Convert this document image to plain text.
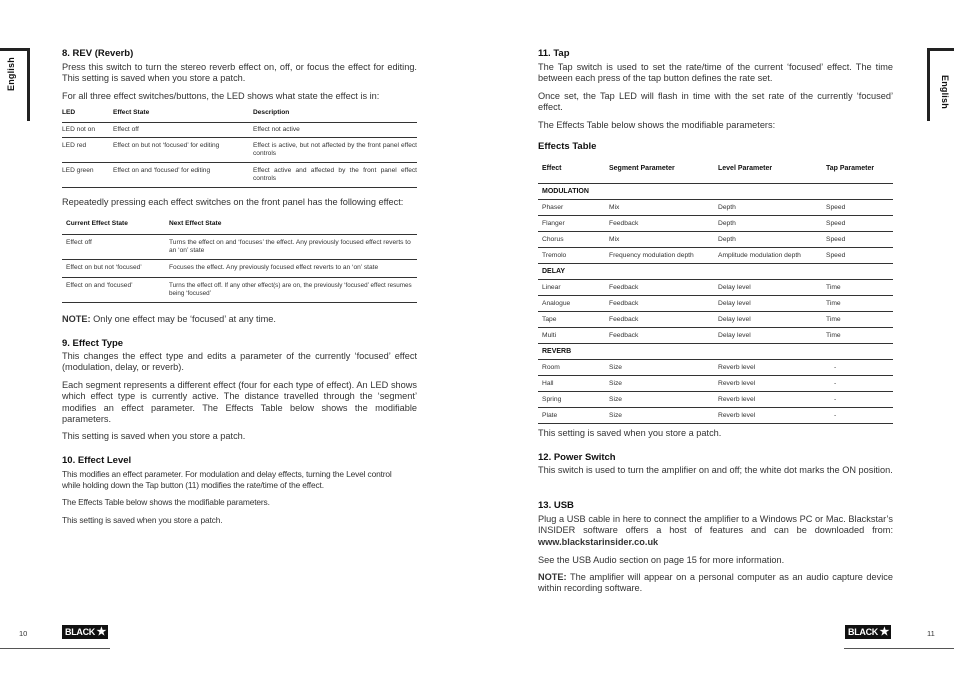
English
English
8. REV (Reverb)

Press this switch to turn the stereo reverb effect on, off, or focus the effect for editing. This setting is saved when you store a patch.

For all three effect switches/buttons, the LED shows what state the effect is in:

LED	Effect State	Description
LED not on	Effect off	Effect not active
LED red	Effect on but not ‘focused’ for editing	Effect is active, but not affected by the front panel effect controls
LED green	Effect on and ‘focused’ for editing	Effect active and affected by the front panel effect controls

Repeatedly pressing each effect switches on the front panel has the following effect:

Current Effect State	Next Effect State
Effect off	Turns the effect on and ‘focuses’ the effect. Any previously focused effect reverts to an ‘on’ state
Effect on but not ‘focused’	Focuses the effect. Any previously focused effect reverts to an ‘on’ state
Effect on and ‘focused’	Turns the effect off. If any other effect(s) are on, the previously ‘focused’ effect resumes being ‘focused’

NOTE: Only one effect may be ‘focused’ at any time.

9. Effect Type

This changes the effect type and edits a parameter of the currently ‘focused’ effect (modulation, delay, or reverb).

Each segment represents a different effect (four for each type of effect). An LED shows which effect type is currently active. The distance travelled through the ‘segment’ modifies an effect parameter. The Effects Table below shows the modifiable parameters.

This setting is saved when you store a patch.

10. Effect Level

This modifies an effect parameter. For modulation and delay effects, turning the Level control while holding down the Tap button (11) modifies the rate/time of the effect.

The Effects Table below shows the modifiable parameters.

This setting is saved when you store a patch.

10	BLACK ★
11. Tap

The Tap switch is used to set the rate/time of the current ‘focused’ effect. The time between each press of the tap button defines the rate set.

Once set, the Tap LED will flash in time with the set rate of the currently ‘focused’ effect.

The Effects Table below shows the modifiable parameters:

Effects Table
Effect	Segment Parameter	Level Parameter	Tap Parameter
MODULATION			
Phaser	Mix	Depth	Speed
Flanger	Feedback	Depth	Speed
Chorus	Mix	Depth	Speed
Tremolo	Frequency modulation depth	Amplitude modulation depth	Speed
DELAY			
Linear	Feedback	Delay level	Time
Analogue	Feedback	Delay level	Time
Tape	Feedback	Delay level	Time
Multi	Feedback	Delay level	Time
REVERB			
Room	Size	Reverb level	-
Hall	Size	Reverb level	-
Spring	Size	Reverb level	-
Plate	Size	Reverb level	-

This setting is saved when you store a patch.

12. Power Switch

This switch is used to turn the amplifier on and off; the white dot marks the ON position.

13. USB

Plug a USB cable in here to connect the amplifier to a Windows PC or Mac. Blackstar’s INSIDER software offers a host of features and can be downloaded from: www.blackstarinsider.co.uk

See the USB Audio section on page 15 for more information.

NOTE: The amplifier will appear on a personal computer as an audio capture device within recording software.

BLACK ★	11
